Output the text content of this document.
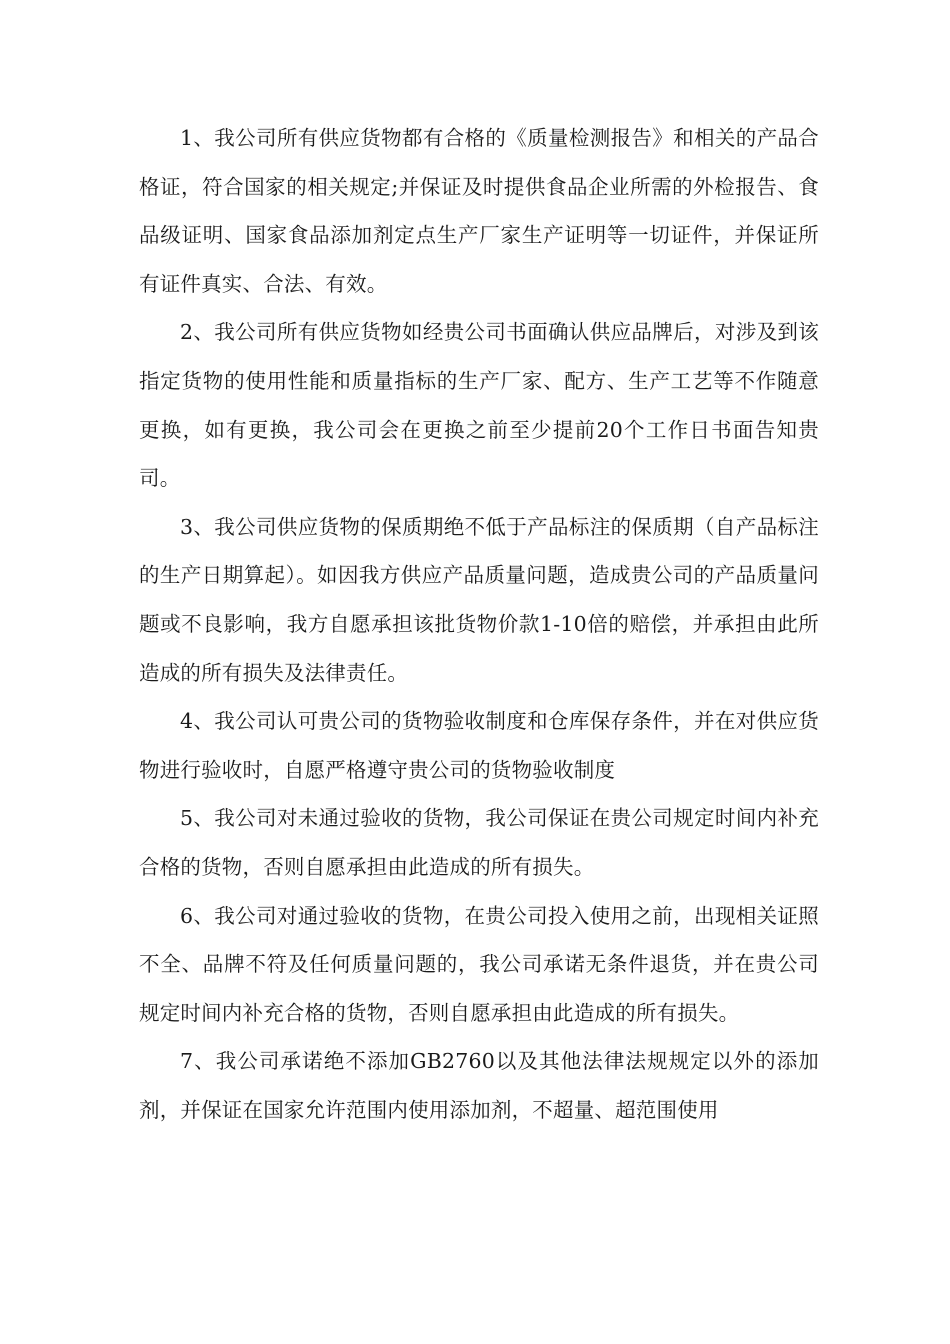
1、我公司所有供应货物都有合格的《质量检测报告》和相关的产品合格证，符合国家的相关规定;并保证及时提供食品企业所需的外检报告、食品级证明、国家食品添加剂定点生产厂家生产证明等一切证件，并保证所有证件真实、合法、有效。

2、我公司所有供应货物如经贵公司书面确认供应品牌后，对涉及到该指定货物的使用性能和质量指标的生产厂家、配方、生产工艺等不作随意更换，如有更换，我公司会在更换之前至少提前20个工作日书面告知贵司。

3、我公司供应货物的保质期绝不低于产品标注的保质期（自产品标注的生产日期算起）。如因我方供应产品质量问题，造成贵公司的产品质量问题或不良影响，我方自愿承担该批货物价款1-10倍的赔偿，并承担由此所造成的所有损失及法律责任。

4、我公司认可贵公司的货物验收制度和仓库保存条件，并在对供应货物进行验收时，自愿严格遵守贵公司的货物验收制度

5、我公司对未通过验收的货物，我公司保证在贵公司规定时间内补充合格的货物，否则自愿承担由此造成的所有损失。

6、我公司对通过验收的货物，在贵公司投入使用之前，出现相关证照不全、品牌不符及任何质量问题的，我公司承诺无条件退货，并在贵公司规定时间内补充合格的货物，否则自愿承担由此造成的所有损失。

7、我公司承诺绝不添加GB2760以及其他法律法规规定以外的添加剂，并保证在国家允许范围内使用添加剂，不超量、超范围使用
